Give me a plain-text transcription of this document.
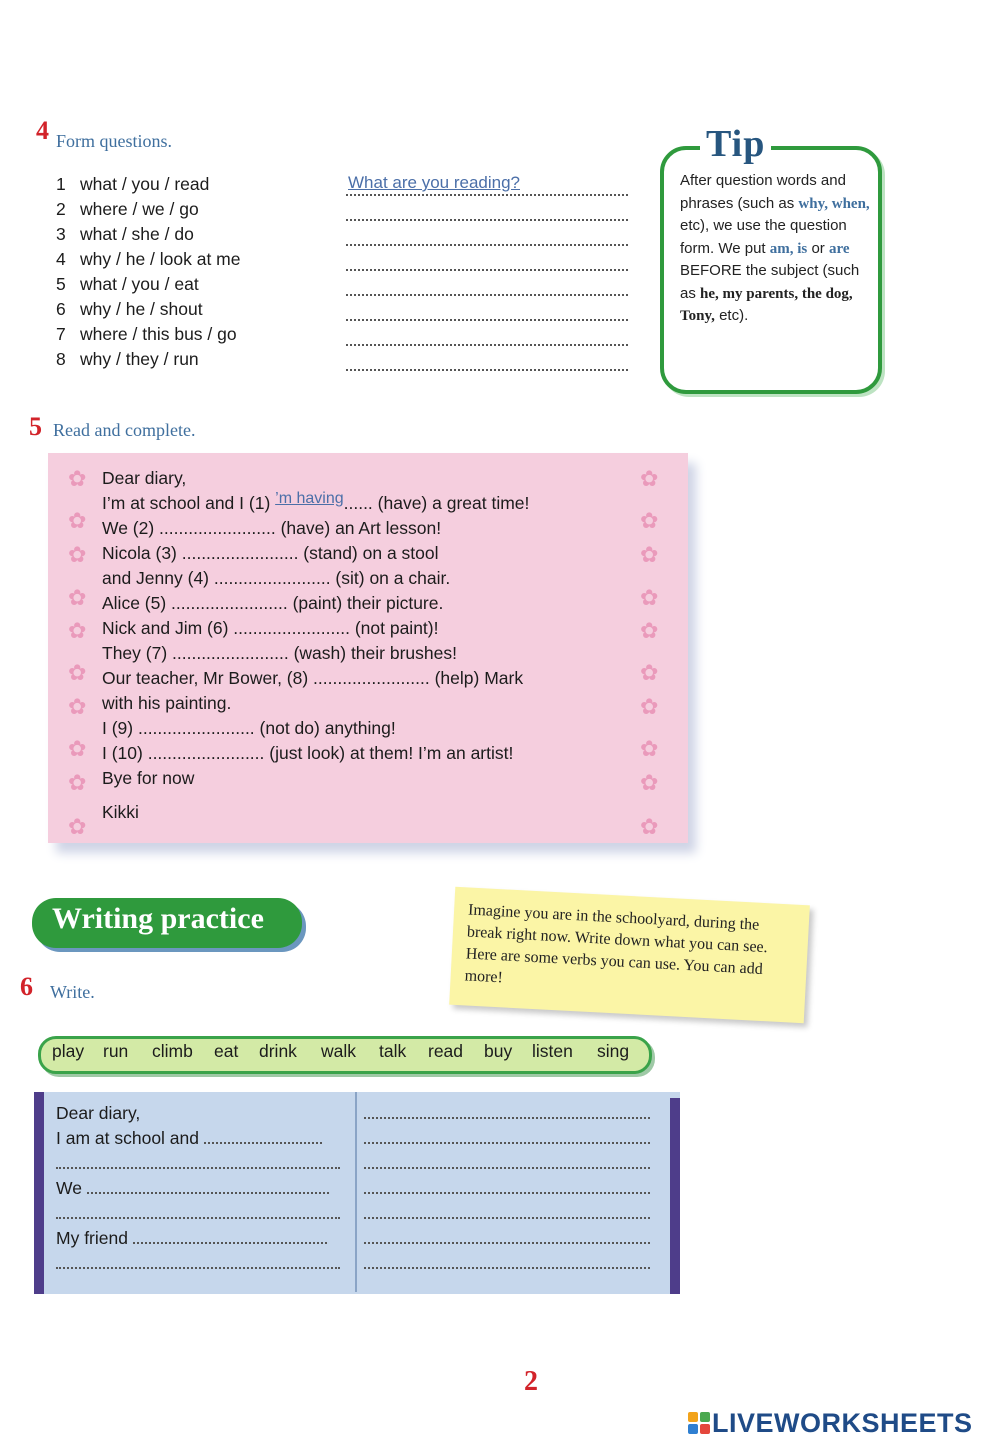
4 Form questions.
1 what / you / read	What are you reading?
2 where / we / go
3 what / she / do
4 why / he / look at me
5 what / you / eat
6 why / he / shout
7 where / this bus / go
8 why / they / run
Tip
After question words and phrases (such as why, when, etc), we use the question form. We put am, is or are BEFORE the subject (such as he, my parents, the dog, Tony, etc).
5 Read and complete.
✿	✿
✿	✿
✿	✿
✿	✿
✿	✿
✿	✿
✿	✿
✿	✿
✿	✿
✿	✿
Dear diary,
I’m at school and I (1) ’m having...... (have) a great time!
We (2) ........................ (have) an Art lesson!
Nicola (3) ........................ (stand) on a stool
and Jenny (4) ........................ (sit) on a chair.
Alice (5) ........................ (paint) their picture.
Nick and Jim (6) ........................ (not paint)!
They (7) ........................ (wash) their brushes!
Our teacher, Mr Bower, (8) ........................ (help) Mark
with his painting.
I (9) ........................ (not do) anything!
I (10) ........................ (just look) at them! I’m an artist!
Bye for now
Kikki
Writing practice	Imagine you are in the schoolyard, during the break right now. Write down what you can see. Here are some verbs you can use. You can add more!
6 Write.
play run climb eat drink walk talk read buy listen sing
Dear diary,
I am at school and
We
My friend
2
LIVEWORKSHEETS
